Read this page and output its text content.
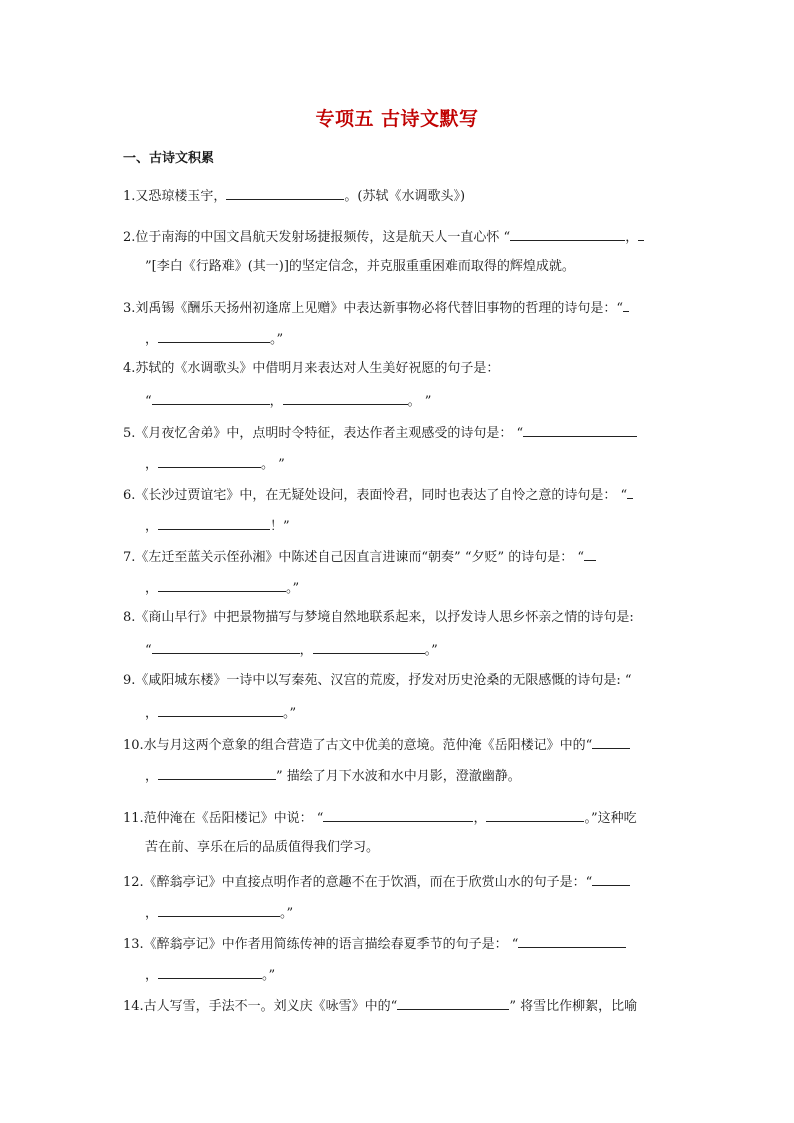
专项五 古诗文默写
一、古诗文积累
1.又恐琼楼玉宇，	。(苏轼《水调歌头》)
2.位于南海的中国文昌航天发射场捷报频传，这是航天人一直心怀 “	，
”[李白《行路难》(其一)]的坚定信念，并克服重重困难而取得的辉煌成就。
3.刘禹锡《酬乐天扬州初逢席上见赠》中表达新事物必将代替旧事物的哲理的诗句是：“
，	。”
4.苏轼的《水调歌头》中借明月来表达对人生美好祝愿的句子是：
“	，	。 ”
5.《月夜忆舍弟》中，点明时令特征，表达作者主观感受的诗句是： “
，	。 ”
6.《长沙过贾谊宅》中，在无疑处设问，表面怜君，同时也表达了自怜之意的诗句是： “
，	！”
7.《左迁至蓝关示侄孙湘》中陈述自己因直言进谏而“朝奏” “夕贬” 的诗句是： “
，	。”
8.《商山早行》中把景物描写与梦境自然地联系起来，以抒发诗人思乡怀亲之情的诗句是:
“	，	。”
9.《咸阳城东楼》一诗中以写秦苑、汉宫的荒废，抒发对历史沧桑的无限感慨的诗句是: “
，	。”
10.水与月这两个意象的组合营造了古文中优美的意境。范仲淹《岳阳楼记》中的“
，	” 描绘了月下水波和水中月影，澄澈幽静。
11.范仲淹在《岳阳楼记》中说： “	，	。”这种吃
苦在前、享乐在后的品质值得我们学习。
12.《醉翁亭记》中直接点明作者的意趣不在于饮酒，而在于欣赏山水的句子是：“
，	。”
13.《醉翁亭记》中作者用简练传神的语言描绘春夏季节的句子是： “
，	。”
14.古人写雪，手法不一。刘义庆《咏雪》中的“	” 将雪比作柳絮，比喻
